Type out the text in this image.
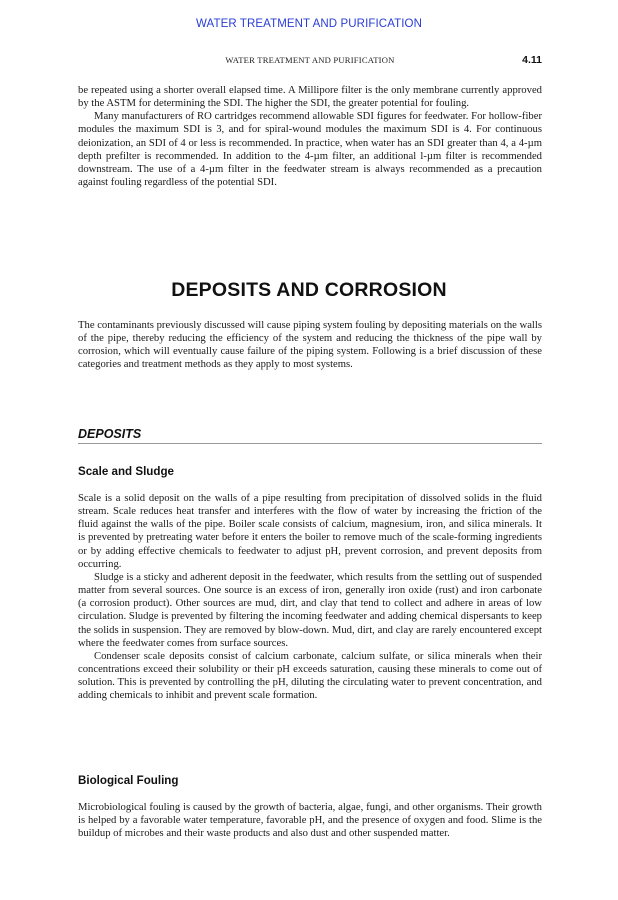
WATER TREATMENT AND PURIFICATION
WATER TREATMENT AND PURIFICATION	4.11

be repeated using a shorter overall elapsed time. A Millipore filter is the only membrane currently approved by the ASTM for determining the SDI. The higher the SDI, the greater potential for fouling.

Many manufacturers of RO cartridges recommend allowable SDI figures for feedwater. For hollow-fiber modules the maximum SDI is 3, and for spiral-wound modules the maximum SDI is 4. For continuous deionization, an SDI of 4 or less is recommended. In practice, when water has an SDI greater than 4, a 4-µm depth prefilter is recommended. In addition to the 4-µm filter, an additional l-µm filter is recommended downstream. The use of a 4-µm filter in the feedwater stream is always recommended as a precaution against fouling regardless of the potential SDI.

DEPOSITS AND CORROSION

The contaminants previously discussed will cause piping system fouling by depositing materials on the walls of the pipe, thereby reducing the efficiency of the system and reducing the thickness of the pipe wall by corrosion, which will eventually cause failure of the piping system. Following is a brief discussion of these categories and treatment methods as they apply to most systems.

DEPOSITS
Scale and Sludge

Scale is a solid deposit on the walls of a pipe resulting from precipitation of dissolved solids in the fluid stream. Scale reduces heat transfer and interferes with the flow of water by increasing the friction of the fluid against the walls of the pipe. Boiler scale consists of calcium, magnesium, iron, and silica minerals. It is prevented by pretreating water before it enters the boiler to remove much of the scale-forming ingredients or by adding effective chemicals to feedwater to adjust pH, prevent corrosion, and prevent deposits from occurring.

Sludge is a sticky and adherent deposit in the feedwater, which results from the settling out of suspended matter from several sources. One source is an excess of iron, generally iron oxide (rust) and iron carbonate (a corrosion product). Other sources are mud, dirt, and clay that tend to collect and adhere in areas of low circulation. Sludge is prevented by filtering the incoming feedwater and adding chemical dispersants to keep the solids in suspension. They are removed by blow-down. Mud, dirt, and clay are rarely encountered except where the feedwater comes from surface sources.

Condenser scale deposits consist of calcium carbonate, calcium sulfate, or silica minerals when their concentrations exceed their solubility or their pH exceeds saturation, causing these minerals to come out of solution. This is prevented by controlling the pH, diluting the circulating water to prevent concentration, and adding chemicals to inhibit and prevent scale formation.

Biological Fouling

Microbiological fouling is caused by the growth of bacteria, algae, fungi, and other organisms. Their growth is helped by a favorable water temperature, favorable pH, and the presence of oxygen and food. Slime is the buildup of microbes and their waste products and also dust and other suspended matter.
